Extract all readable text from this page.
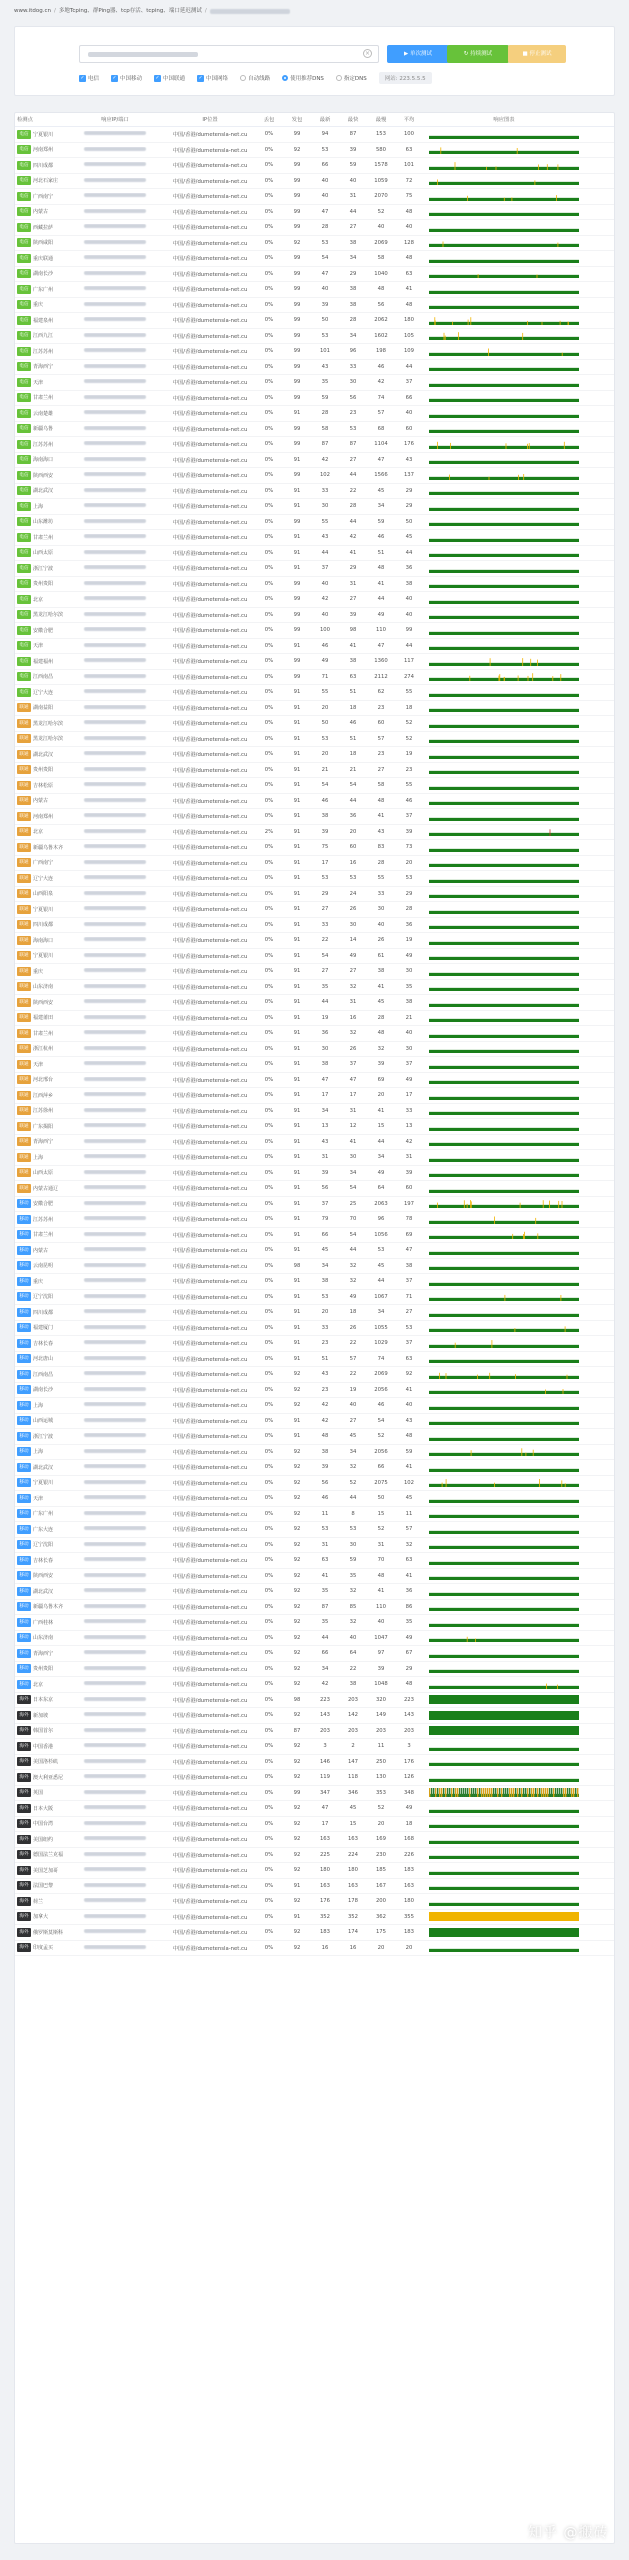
www.itdog.cn / 多地Tcping、群Ping器、tcp存活、tcping、端口延迟测试 /
×	▶ 单次测试	↻ 持续测试	■ 停止测试
✓ 电信	✓ 中国移动	✓ 中国联通	✓ 中国网络	自动线路	使用推荐DNS	指定DNS	网站: 223.5.5.5
检测点	响应IP/端口	IP位置	丢包	发包	最新	最快	最慢	平均	响应图表
电信 宁夏银川	中国/香港/dumetensla-net.cu	0%	99	94	87	153	100
电信 河南郑州	中国/香港/dumetensla-net.cu	0%	92	53	39	580	63
电信 四川成都	中国/香港/dumetensla-net.cu	0%	99	66	59	1578	101
电信 河北石家庄	中国/香港/dumetensla-net.cu	0%	99	40	40	1059	72
电信 广西南宁	中国/香港/dumetensla-net.cu	0%	99	40	31	2070	75
电信 内蒙古	中国/香港/dumetensla-net.cu	0%	99	47	44	52	48
电信 西藏拉萨	中国/香港/dumetensla-net.cu	0%	99	28	27	40	40
电信 陕西咸阳	中国/香港/dumetensla-net.cu	0%	92	53	38	2069	128
电信 重庆联通	中国/香港/dumetensla-net.cu	0%	99	54	34	58	48
电信 湖南长沙	中国/香港/dumetensla-net.cu	0%	99	47	29	1040	63
电信 广东广州	中国/香港/dumetensla-net.cu	0%	99	40	38	48	41
电信 重庆	中国/香港/dumetensla-net.cu	0%	99	39	38	56	48
电信 福建泉州	中国/香港/dumetensla-net.cu	0%	99	50	28	2062	180
电信 江西九江	中国/香港/dumetensla-net.cu	0%	99	53	34	1602	105
电信 江苏苏州	中国/香港/dumetensla-net.cu	0%	99	101	96	198	109
电信 青海西宁	中国/香港/dumetensla-net.cu	0%	99	43	33	46	44
电信 天津	中国/香港/dumetensla-net.cu	0%	99	35	30	42	37
电信 甘肃兰州	中国/香港/dumetensla-net.cu	0%	99	59	56	74	66
电信 云南楚雄	中国/香港/dumetensla-net.cu	0%	91	28	23	57	40
电信 新疆乌鲁	中国/香港/dumetensla-net.cu	0%	99	58	53	68	60
电信 江苏苏州	中国/香港/dumetensla-net.cu	0%	99	87	87	1104	176
电信 海南海口	中国/香港/dumetensla-net.cu	0%	91	42	27	47	43
电信 陕西西安	中国/香港/dumetensla-net.cu	0%	99	102	44	1566	137
电信 湖北武汉	中国/香港/dumetensla-net.cu	0%	91	33	22	45	29
电信 上海	中国/香港/dumetensla-net.cu	0%	91	30	28	34	29
电信 山东潍坊	中国/香港/dumetensla-net.cu	0%	99	55	44	59	50
电信 甘肃兰州	中国/香港/dumetensla-net.cu	0%	91	43	42	46	45
电信 山西太原	中国/香港/dumetensla-net.cu	0%	91	44	41	51	44
电信 浙江宁波	中国/香港/dumetensla-net.cu	0%	91	37	29	48	36
电信 贵州贵阳	中国/香港/dumetensla-net.cu	0%	99	40	31	41	38
电信 北京	中国/香港/dumetensla-net.cu	0%	99	42	27	44	40
电信 黑龙江哈尔滨	中国/香港/dumetensla-net.cu	0%	99	40	39	49	40
电信 安徽合肥	中国/香港/dumetensla-net.cu	0%	99	100	98	110	99
电信 天津	中国/香港/dumetensla-net.cu	0%	91	46	41	47	44
电信 福建福州	中国/香港/dumetensla-net.cu	0%	99	49	38	1360	117
电信 江西南昌	中国/香港/dumetensla-net.cu	0%	99	71	63	2112	274
电信 辽宁大连	中国/香港/dumetensla-net.cu	0%	91	55	51	62	55
联通 湖南益阳	中国/香港/dumetensla-net.cu	0%	91	20	18	23	18
联通 黑龙江哈尔滨	中国/香港/dumetensla-net.cu	0%	91	50	46	60	52
联通 黑龙江哈尔滨	中国/香港/dumetensla-net.cu	0%	91	53	51	57	52
联通 湖北武汉	中国/香港/dumetensla-net.cu	0%	91	20	18	23	19
联通 贵州贵阳	中国/香港/dumetensla-net.cu	0%	91	21	21	27	23
联通 吉林松原	中国/香港/dumetensla-net.cu	0%	91	54	54	58	55
联通 内蒙古	中国/香港/dumetensla-net.cu	0%	91	46	44	48	46
联通 河南郑州	中国/香港/dumetensla-net.cu	0%	91	38	36	41	37
联通 北京	中国/香港/dumetensla-net.cu	2%	91	39	20	43	39
联通 新疆乌鲁木齐	中国/香港/dumetensla-net.cu	0%	91	75	60	83	73
联通 广西南宁	中国/香港/dumetensla-net.cu	0%	91	17	16	28	20
联通 辽宁大连	中国/香港/dumetensla-net.cu	0%	91	53	53	55	53
联通 山西阳泉	中国/香港/dumetensla-net.cu	0%	91	29	24	33	29
联通 宁夏银川	中国/香港/dumetensla-net.cu	0%	91	27	26	30	28
联通 四川成都	中国/香港/dumetensla-net.cu	0%	91	33	30	40	36
联通 海南海口	中国/香港/dumetensla-net.cu	0%	91	22	14	26	19
联通 宁夏银川	中国/香港/dumetensla-net.cu	0%	91	54	49	61	49
联通 重庆	中国/香港/dumetensla-net.cu	0%	91	27	27	38	30
联通 山东济南	中国/香港/dumetensla-net.cu	0%	91	35	32	41	35
联通 陕西西安	中国/香港/dumetensla-net.cu	0%	91	44	31	45	38
联通 福建莆田	中国/香港/dumetensla-net.cu	0%	91	19	16	28	21
联通 甘肃兰州	中国/香港/dumetensla-net.cu	0%	91	36	32	48	40
联通 浙江杭州	中国/香港/dumetensla-net.cu	0%	91	30	26	32	30
联通 天津	中国/香港/dumetensla-net.cu	0%	91	38	37	39	37
联通 河北邢台	中国/香港/dumetensla-net.cu	0%	91	47	47	69	49
联通 江西萍乡	中国/香港/dumetensla-net.cu	0%	91	17	17	20	17
联通 江苏徐州	中国/香港/dumetensla-net.cu	0%	91	34	31	41	33
联通 广东揭阳	中国/香港/dumetensla-net.cu	0%	91	13	12	15	13
联通 青海西宁	中国/香港/dumetensla-net.cu	0%	91	43	41	44	42
联通 上海	中国/香港/dumetensla-net.cu	0%	91	31	30	34	31
联通 山西太原	中国/香港/dumetensla-net.cu	0%	91	39	34	49	39
联通 内蒙古通辽	中国/香港/dumetensla-net.cu	0%	91	56	54	64	60
移动 安徽合肥	中国/香港/dumetensla-net.cu	0%	91	37	25	2063	197
移动 江苏苏州	中国/香港/dumetensla-net.cu	0%	91	79	70	96	78
移动 甘肃兰州	中国/香港/dumetensla-net.cu	0%	91	66	54	1056	69
移动 内蒙古	中国/香港/dumetensla-net.cu	0%	91	45	44	53	47
移动 云南昆明	中国/香港/dumetensla-net.cu	0%	98	34	32	45	38
移动 重庆	中国/香港/dumetensla-net.cu	0%	91	38	32	44	37
移动 辽宁沈阳	中国/香港/dumetensla-net.cu	0%	91	53	49	1067	71
移动 四川成都	中国/香港/dumetensla-net.cu	0%	91	20	18	34	27
移动 福建厦门	中国/香港/dumetensla-net.cu	0%	91	33	26	1055	53
移动 吉林长春	中国/香港/dumetensla-net.cu	0%	91	23	22	1029	37
移动 河北唐山	中国/香港/dumetensla-net.cu	0%	91	51	57	74	63
移动 江西南昌	中国/香港/dumetensla-net.cu	0%	92	43	22	2069	92
移动 湖南长沙	中国/香港/dumetensla-net.cu	0%	92	23	19	2056	41
移动 上海	中国/香港/dumetensla-net.cu	0%	92	42	40	46	40
移动 山西运城	中国/香港/dumetensla-net.cu	0%	91	42	27	54	43
移动 浙江宁波	中国/香港/dumetensla-net.cu	0%	91	48	45	52	48
移动 上海	中国/香港/dumetensla-net.cu	0%	92	38	34	2056	59
移动 湖北武汉	中国/香港/dumetensla-net.cu	0%	92	39	32	66	41
移动 宁夏银川	中国/香港/dumetensla-net.cu	0%	92	56	52	2075	102
移动 天津	中国/香港/dumetensla-net.cu	0%	92	46	44	50	45
移动 广东广州	中国/香港/dumetensla-net.cu	0%	92	11	8	15	11
移动 广东大连	中国/香港/dumetensla-net.cu	0%	92	53	53	52	57
移动 辽宁沈阳	中国/香港/dumetensla-net.cu	0%	92	31	30	31	32
移动 吉林长春	中国/香港/dumetensla-net.cu	0%	92	63	59	70	63
移动 陕西西安	中国/香港/dumetensla-net.cu	0%	92	41	35	48	41
移动 湖北武汉	中国/香港/dumetensla-net.cu	0%	92	35	32	41	36
移动 新疆乌鲁木齐	中国/香港/dumetensla-net.cu	0%	92	87	85	110	86
移动 广西桂林	中国/香港/dumetensla-net.cu	0%	92	35	32	40	35
移动 山东济南	中国/香港/dumetensla-net.cu	0%	92	44	40	1047	49
移动 青海西宁	中国/香港/dumetensla-net.cu	0%	92	66	64	97	67
移动 贵州贵阳	中国/香港/dumetensla-net.cu	0%	92	34	22	39	29
移动 北京	中国/香港/dumetensla-net.cu	0%	92	42	38	1048	48
海外 日本东京	中国/香港/dumetensla-net.cu	0%	98	223	203	320	223
海外 新加坡	中国/香港/dumetensla-net.cu	0%	92	143	142	149	143
海外 韩国首尔	中国/香港/dumetensla-net.cu	0%	87	203	203	203	203
海外 中国香港	中国/香港/dumetensla-net.cu	0%	92	3	2	11	3
海外 美国洛杉矶	中国/香港/dumetensla-net.cu	0%	92	146	147	250	176
海外 澳大利亚悉尼	中国/香港/dumetensla-net.cu	0%	92	119	118	130	126
海外 英国	中国/香港/dumetensla-net.cu	0%	99	347	346	353	348
海外 日本大阪	中国/香港/dumetensla-net.cu	0%	92	47	45	52	49
海外 中国台湾	中国/香港/dumetensla-net.cu	0%	92	17	15	20	18
海外 美国纽约	中国/香港/dumetensla-net.cu	0%	92	163	163	169	168
海外 德国法兰克福	中国/香港/dumetensla-net.cu	0%	92	225	224	230	226
海外 美国芝加哥	中国/香港/dumetensla-net.cu	0%	92	180	180	185	183
海外 法国巴黎	中国/香港/dumetensla-net.cu	0%	91	163	163	167	163
海外 荷兰	中国/香港/dumetensla-net.cu	0%	92	176	178	200	180
海外 加拿大	中国/香港/dumetensla-net.cu	0%	91	352	352	362	355
海外 俄罗斯莫斯科	中国/香港/dumetensla-net.cu	0%	92	183	174	175	183
海外 印度孟买	中国/香港/dumetensla-net.cu	0%	92	16	16	20	20
知乎 @搬砖
